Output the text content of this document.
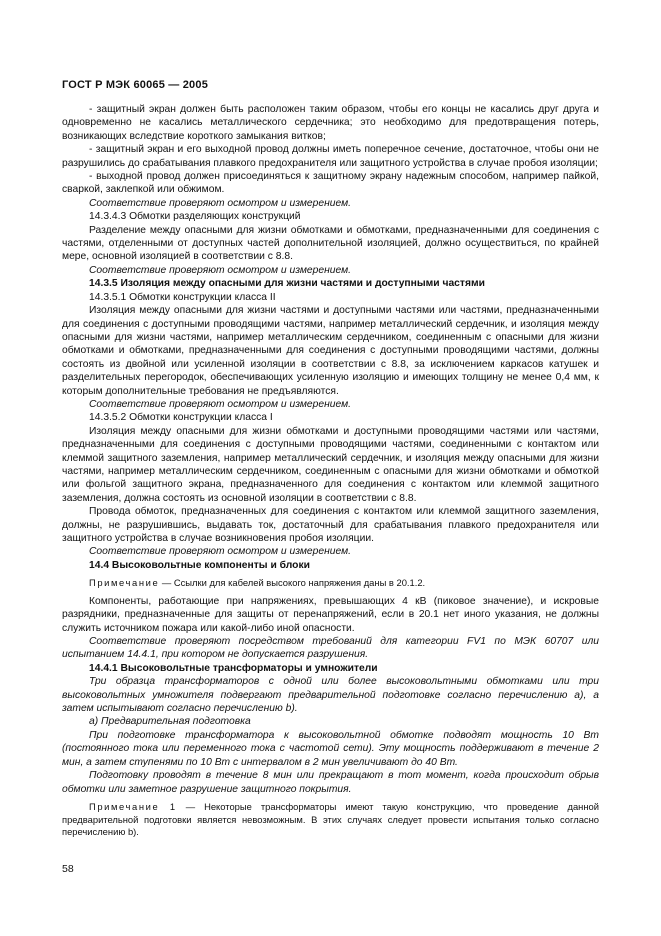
ГОСТ Р МЭК 60065 — 2005

- защитный экран должен быть расположен таким образом, чтобы его концы не касались друг друга и одновременно не касались металлического сердечника; это необходимо для предотвращения потерь, возникающих вследствие короткого замыкания витков;

- защитный экран и его выходной провод должны иметь поперечное сечение, достаточное, чтобы они не разрушились до срабатывания плавкого предохранителя или защитного устройства в случае пробоя изоляции;

- выходной провод должен присоединяться к защитному экрану надежным способом, например пайкой, сваркой, заклепкой или обжимом.

Соответствие проверяют осмотром и измерением.

14.3.4.3 Обмотки разделяющих конструкций

Разделение между опасными для жизни обмотками и обмотками, предназначенными для соединения с частями, отделенными от доступных частей дополнительной изоляцией, должно осуществиться, по крайней мере, основной изоляцией в соответствии с 8.8.

Соответствие проверяют осмотром и измерением.

14.3.5 Изоляция между опасными для жизни частями и доступными частями

14.3.5.1 Обмотки конструкции класса II

Изоляция между опасными для жизни частями и доступными частями или частями, предназначенными для соединения с доступными проводящими частями, например металлический сердечник, и изоляция между опасными для жизни частями, например металлическим сердечником, соединенным с опасными для жизни обмотками и обмотками, предназначенными для соединения с доступными проводящими частями, должны состоять из двойной или усиленной изоляции в соответствии с 8.8, за исключением каркасов катушек и разделительных перегородок, обеспечивающих усиленную изоляцию и имеющих толщину не менее 0,4 мм, к которым дополнительные требования не предъявляются.

Соответствие проверяют осмотром и измерением.

14.3.5.2 Обмотки конструкции класса I

Изоляция между опасными для жизни обмотками и доступными проводящими частями или частями, предназначенными для соединения с доступными проводящими частями, соединенными с контактом или клеммой защитного заземления, например металлический сердечник, и изоляция между опасными для жизни частями, например металлическим сердечником, соединенным с опасными для жизни обмотками и обмоткой или фольгой защитного экрана, предназначенного для соединения с контактом или клеммой защитного заземления, должна состоять из основной изоляции в соответствии с 8.8.

Провода обмоток, предназначенных для соединения с контактом или клеммой защитного заземления, должны, не разрушившись, выдавать ток, достаточный для срабатывания плавкого предохранителя или защитного устройства в случае возникновения пробоя изоляции.

Соответствие проверяют осмотром и измерением.

14.4 Высоковольтные компоненты и блоки

Примечание — Ссылки для кабелей высокого напряжения даны в 20.1.2.

Компоненты, работающие при напряжениях, превышающих 4 кВ (пиковое значение), и искровые разрядники, предназначенные для защиты от перенапряжений, если в 20.1 нет иного указания, не должны служить источником пожара или какой-либо иной опасности.

Соответствие проверяют посредством требований для категории FV1 по МЭК 60707 или испытанием 14.4.1, при котором не допускается разрушения.

14.4.1 Высоковольтные трансформаторы и умножители

Три образца трансформаторов с одной или более высоковольтными обмотками или три высоковольтных умножителя подвергают предварительной подготовке согласно перечислению а), а затем испытывают согласно перечислению b).

а) Предварительная подготовка

При подготовке трансформатора к высоковольтной обмотке подводят мощность 10 Вт (постоянного тока или переменного тока с частотой сети). Эту мощность поддерживают в течение 2 мин, а затем ступенями по 10 Вт с интервалом в 2 мин увеличивают до 40 Вт.

Подготовку проводят в течение 8 мин или прекращают в тот момент, когда происходит обрыв обмотки или заметное разрушение защитного покрытия.

Примечание 1 — Некоторые трансформаторы имеют такую конструкцию, что проведение данной предварительной подготовки является невозможным. В этих случаях следует провести испытания только согласно перечислению b).

58
